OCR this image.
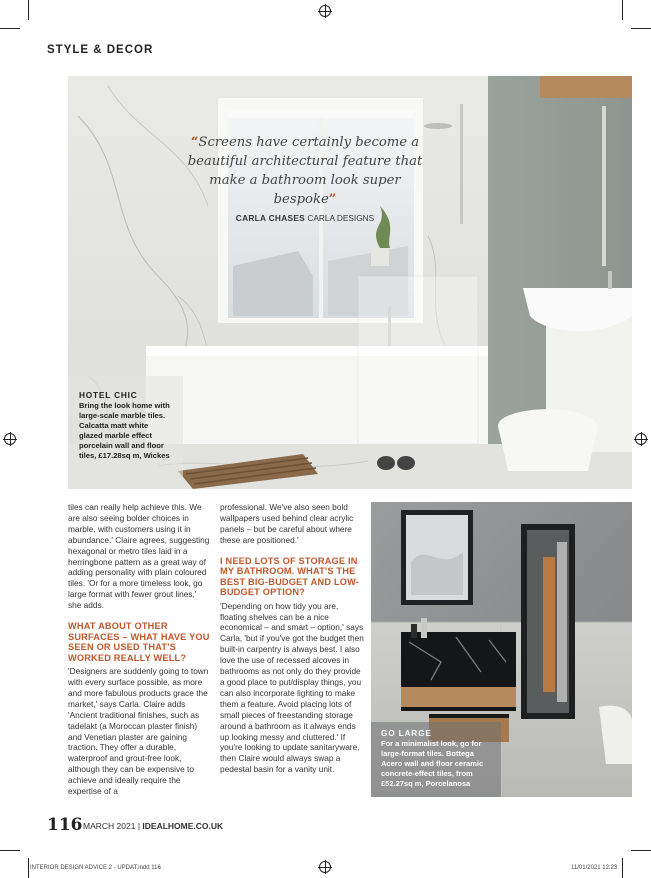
STYLE & DECOR
“Screens have certainly become a beautiful architectural feature that make a bathroom look super bespoke”
CARLA CHASES CARLA DESIGNS
HOTEL CHIC
Bring the look home with large-scale marble tiles. Calcatta matt white glazed marble effect porcelain wall and floor tiles, £17.28sq m, Wickes

tiles can really help achieve this. We are also seeing bolder choices in marble, with customers using it in abundance.' Claire agrees, suggesting hexagonal or metro tiles laid in a herringbone pattern as a great way of adding personality with plain coloured tiles. 'Or for a more timeless look, go large format with fewer grout lines,' she adds.

WHAT ABOUT OTHER SURFACES – WHAT HAVE YOU SEEN OR USED THAT'S WORKED REALLY WELL?

'Designers are suddenly going to town with every surface possible, as more and more fabulous products grace the market,' says Carla. Claire adds 'Ancient traditional finishes, such as tadelakt (a Moroccan plaster finish) and Venetian plaster are gaining traction. They offer a durable, waterproof and grout-free look, although they can be expensive to achieve and ideally require the expertise of a

professional. We've also seen bold wallpapers used behind clear acrylic panels – but be careful about where these are positioned.'

I NEED LOTS OF STORAGE IN MY BATHROOM. WHAT'S THE BEST BIG-BUDGET AND LOW-BUDGET OPTION?

'Depending on how tidy you are, floating shelves can be a nice economical – and smart – option,' says Carla, 'but if you've got the budget then built-in carpentry is always best. I also love the use of recessed alcoves in bathrooms as not only do they provide a good place to put/display things, you can also incorporate lighting to make them a feature. Avoid placing lots of small pieces of freestanding storage around a bathroom as it always ends up looking messy and cluttered.' If you're looking to update sanitaryware, then Claire would always swap a pedestal basin for a vanity unit.

GO LARGE
For a minimalist look, go for large-format tiles. Bottega Acero wall and floor ceramic concrete-effect tiles, from £52.27sq m, Porcelanosa
116 MARCH 2021 | IDEALHOME.CO.UK
INTERIOR DESIGN ADVICE 2 - UPDAT.indd 116	11/01/2021 12:23
